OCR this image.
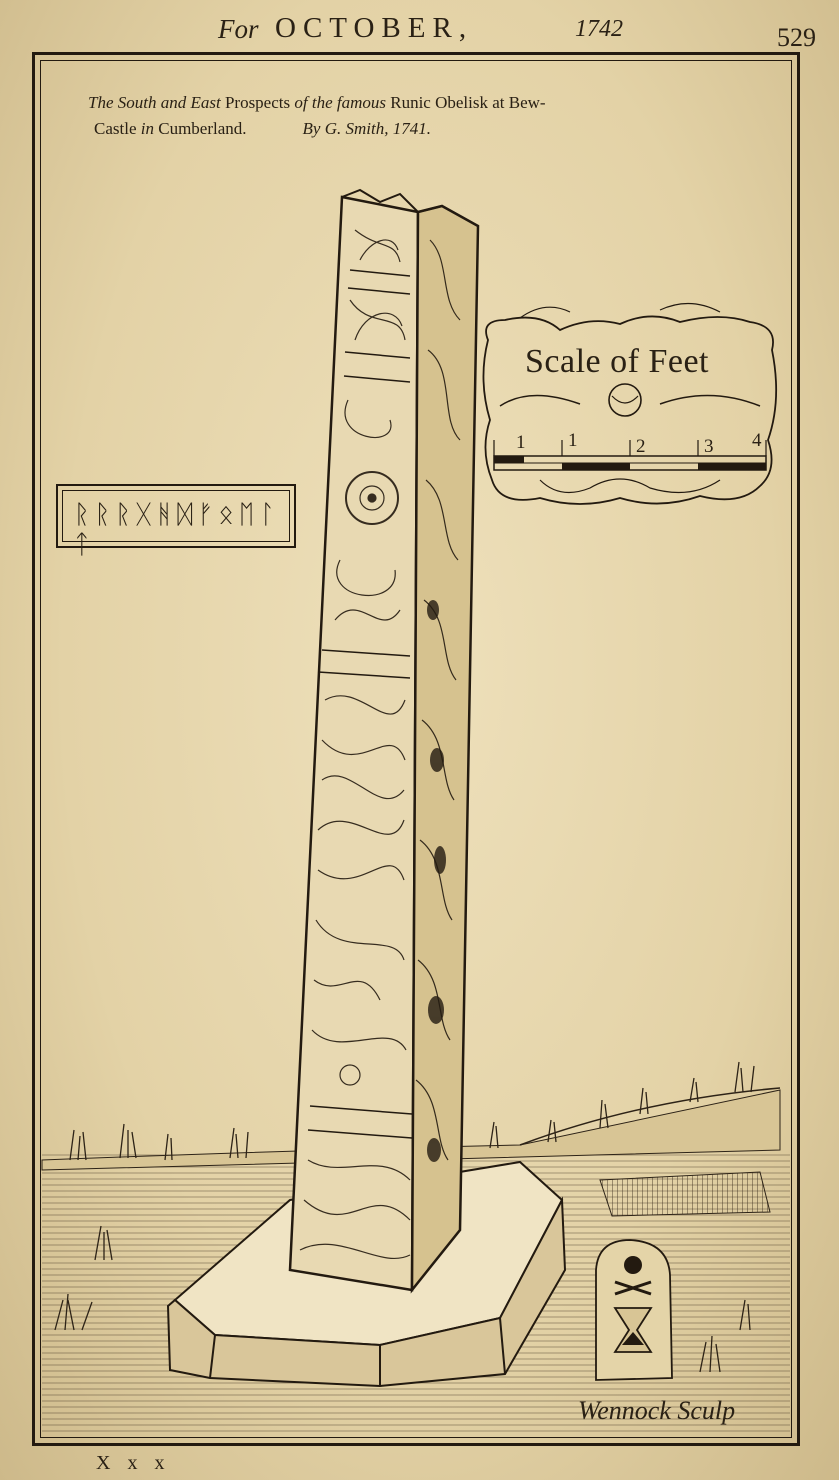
For OCTOBER,	1742	529
The South and East Prospects of the famous Runic Obelisk at Bew-
Castle in Cumberland.	By G. Smith, 1741.
ᚱᚱᚱᚷᚻᛞᚠᛟᛖᛚ ᛏ
Scale of Feet
1 1	2	3 4
Wennock Sculp
X x x
